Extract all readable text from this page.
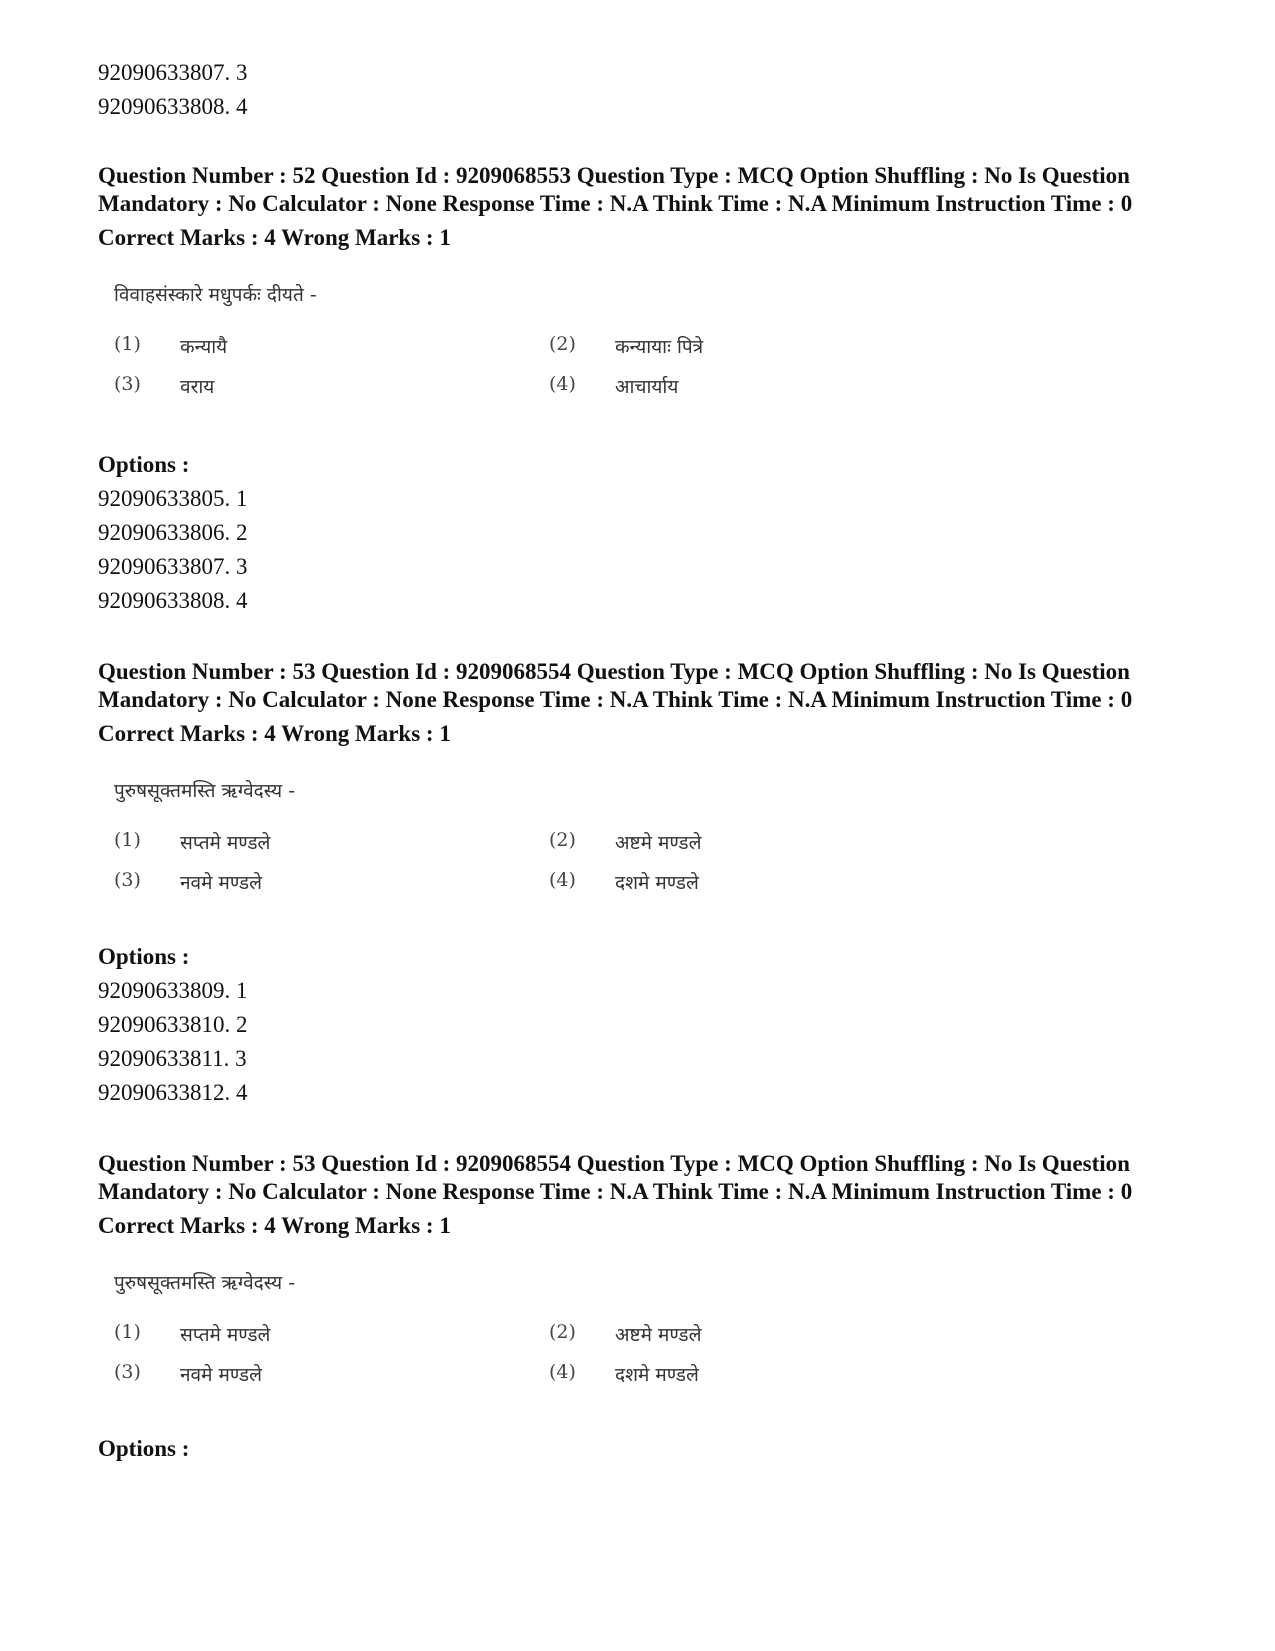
92090633807. 3
92090633808. 4
Question Number : 52 Question Id : 9209068553 Question Type : MCQ Option Shuffling : No Is Question Mandatory : No Calculator : None Response Time : N.A Think Time : N.A Minimum Instruction Time : 0
Correct Marks : 4 Wrong Marks : 1
विवाहसंस्कारे मधुपर्कः दीयते -
(1)	कन्यायै	(2)	कन्यायाः पित्रे
(3)	वराय	(4)	आचार्याय
Options :
92090633805. 1
92090633806. 2
92090633807. 3
92090633808. 4
Question Number : 53 Question Id : 9209068554 Question Type : MCQ Option Shuffling : No Is Question Mandatory : No Calculator : None Response Time : N.A Think Time : N.A Minimum Instruction Time : 0
Correct Marks : 4 Wrong Marks : 1
पुरुषसूक्तमस्ति ऋग्वेदस्य -
(1)	सप्तमे मण्डले	(2)	अष्टमे मण्डले
(3)	नवमे मण्डले	(4)	दशमे मण्डले
Options :
92090633809. 1
92090633810. 2
92090633811. 3
92090633812. 4
Question Number : 53 Question Id : 9209068554 Question Type : MCQ Option Shuffling : No Is Question Mandatory : No Calculator : None Response Time : N.A Think Time : N.A Minimum Instruction Time : 0
Correct Marks : 4 Wrong Marks : 1
पुरुषसूक्तमस्ति ऋग्वेदस्य -
(1)	सप्तमे मण्डले	(2)	अष्टमे मण्डले
(3)	नवमे मण्डले	(4)	दशमे मण्डले
Options :
